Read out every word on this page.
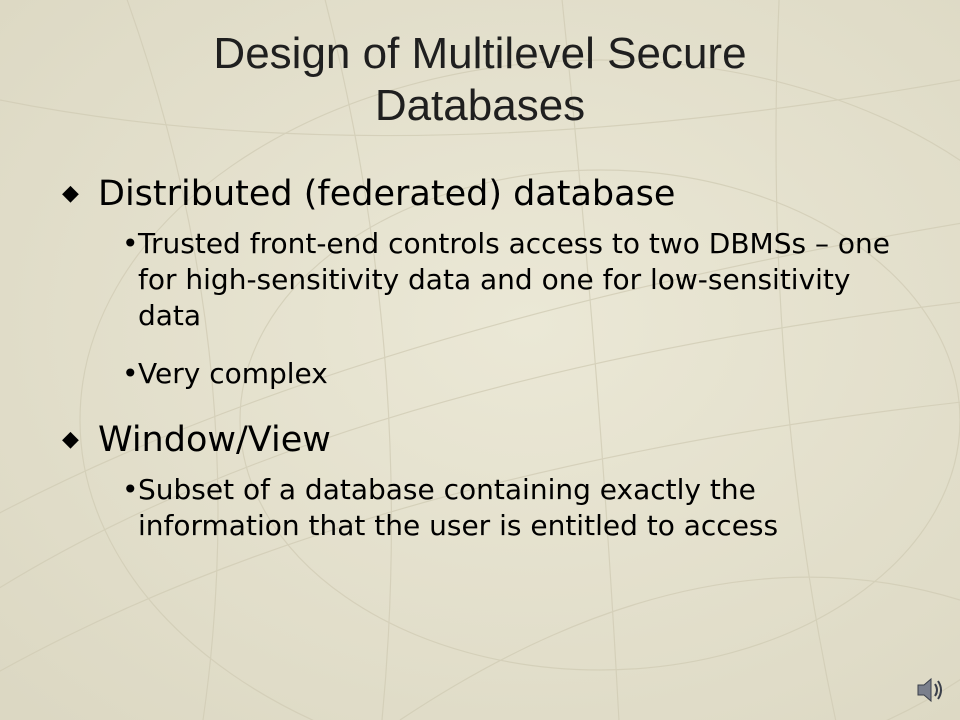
Design of Multilevel Secure
Databases
◆ Distributed (federated) database
• Trusted front-end controls access to two DBMSs – one for high-sensitivity data and one for low-sensitivity data
• Very complex
◆ Window/View
• Subset of a database containing exactly the information that the user is entitled to access
